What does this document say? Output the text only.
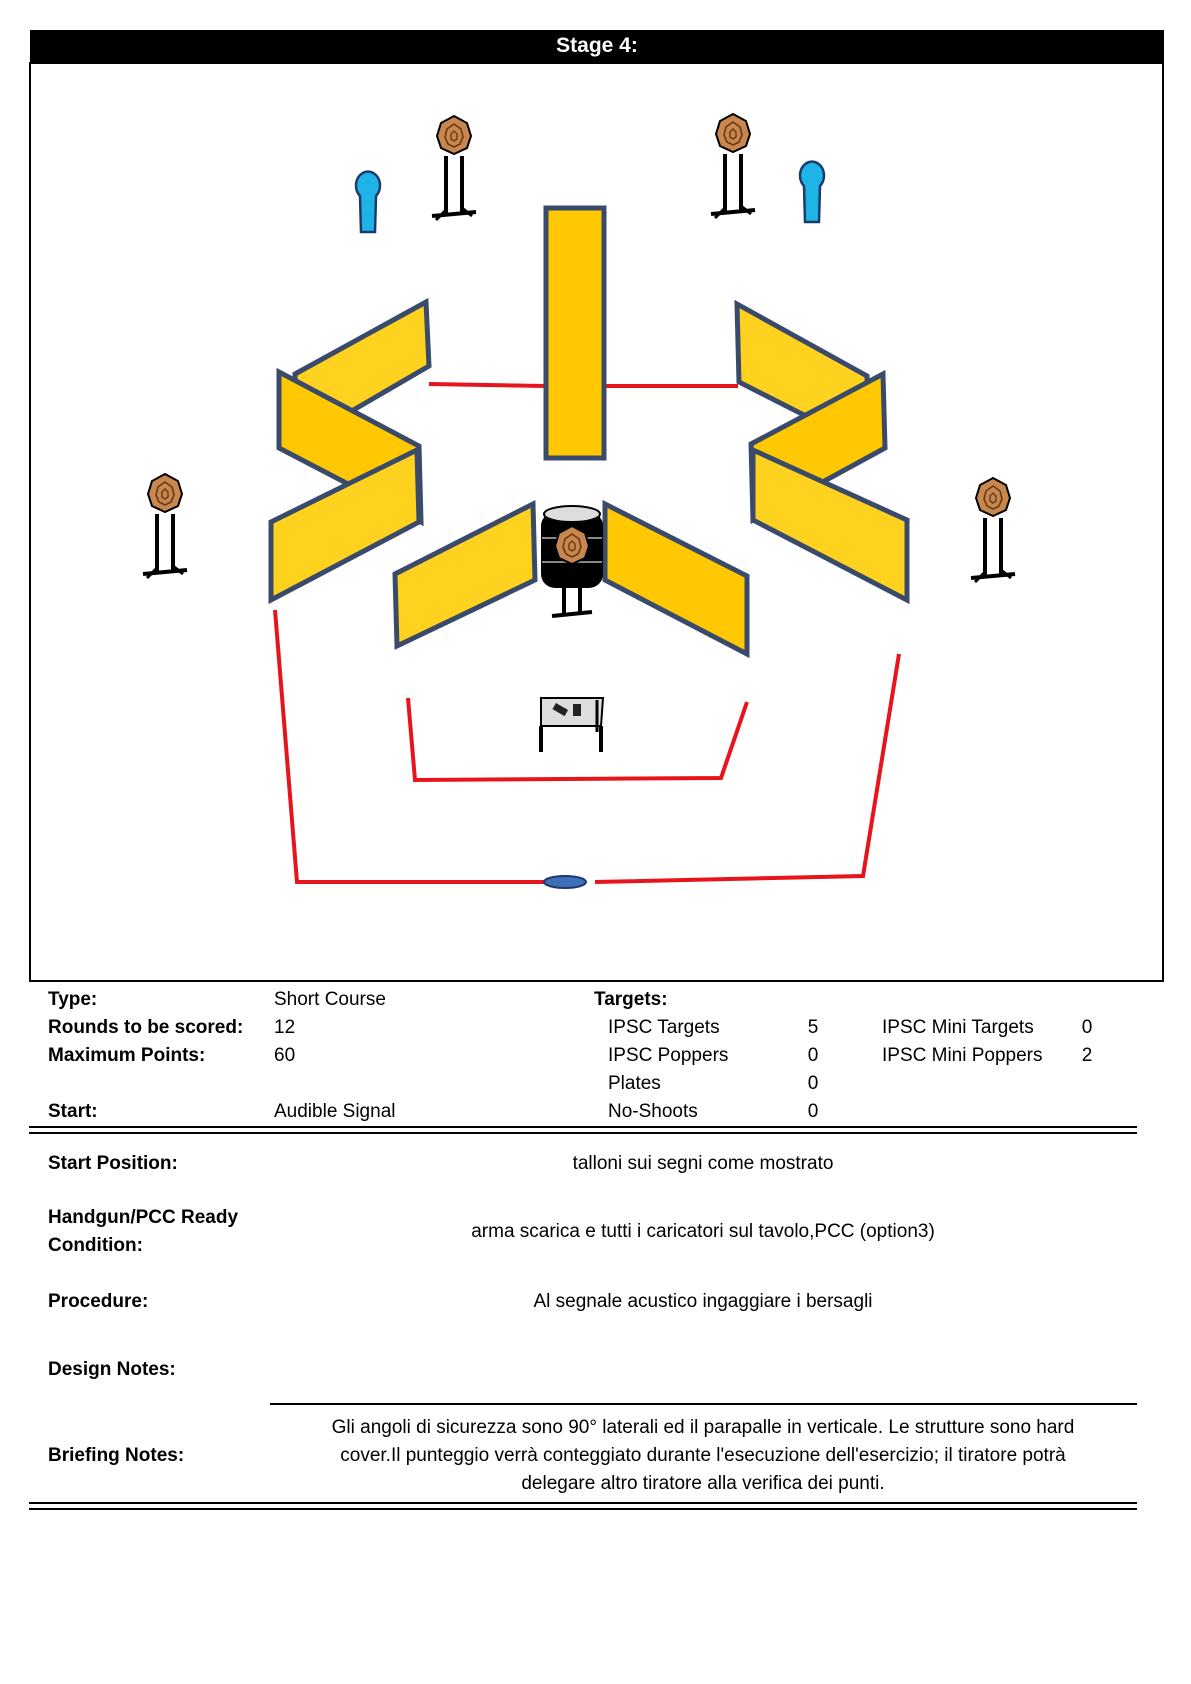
Stage 4:
Type:	Short Course	Targets:
Rounds to be scored: 12	IPSC Targets	5	IPSC Mini Targets	0
Maximum Points:	60	IPSC Poppers	0	IPSC Mini Poppers	2
Plates	0
Start:	Audible Signal	No-Shoots	0
Start Position:	talloni sui segni come mostrato
Handgun/PCC Ready
Condition:
arma scarica e tutti i caricatori sul tavolo,PCC (option3)
Procedure:	Al segnale acustico ingaggiare i bersagli
Design Notes:
Briefing Notes:
Gli angoli di sicurezza sono 90° laterali ed il parapalle in verticale. Le strutture sono hard
cover.Il punteggio verrà conteggiato durante l'esecuzione dell'esercizio; il tiratore potrà
delegare altro tiratore alla verifica dei punti.
